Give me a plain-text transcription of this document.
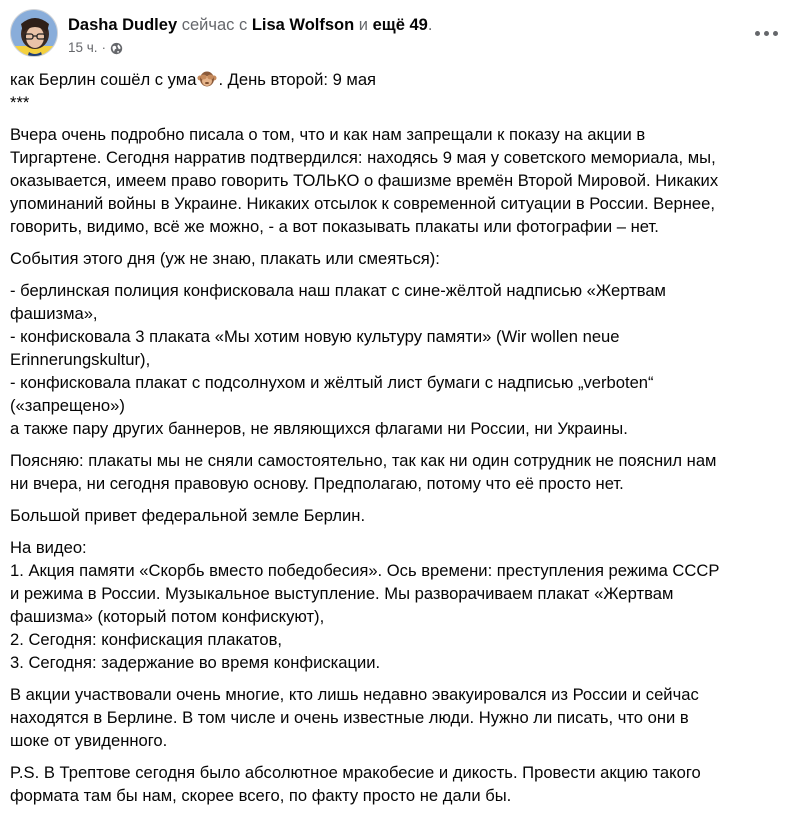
Dasha Dudley сейчас с Lisa Wolfson и ещё 49.
15 ч. ·

как Берлин сошёл с ума . День второй: 9 мая
***

Вчера очень подробно писала о том, что и как нам запрещали к показу на акции в
Тиргартене. Сегодня нарратив подтвердился: находясь 9 мая у советского мемориала, мы,
оказывается, имеем право говорить ТОЛЬКО о фашизме времён Второй Мировой. Никаких
упоминаний войны в Украине. Никаких отсылок к современной ситуации в России. Вернее,
говорить, видимо, всё же можно, - а вот показывать плакаты или фотографии – нет.

События этого дня (уж не знаю, плакать или смеяться):

- берлинская полиция конфисковала наш плакат с сине-жёлтой надписью «Жертвам
фашизма»,
- конфисковала 3 плаката «Мы хотим новую культуру памяти» (Wir wollen neue
Erinnerungskultur),
- конфисковала плакат с подсолнухом и жёлтый лист бумаги с надписью „verboten“
(«запрещено»)
а также пару других баннеров, не являющихся флагами ни России, ни Украины.

Поясняю: плакаты мы не сняли самостоятельно, так как ни один сотрудник не пояснил нам
ни вчера, ни сегодня правовую основу. Предполагаю, потому что её просто нет.

Большой привет федеральной земле Берлин.

На видео:
1. Акция памяти «Скорбь вместо победобесия». Ось времени: преступления режима СССР
и режима в России. Музыкальное выступление. Мы разворачиваем плакат «Жертвам
фашизма» (который потом конфискуют),
2. Сегодня: конфискация плакатов,
3. Сегодня: задержание во время конфискации.

В акции участвовали очень многие, кто лишь недавно эвакуировался из России и сейчас
находятся в Берлине. В том числе и очень известные люди. Нужно ли писать, что они в
шоке от увиденного.

P.S. В Трептове сегодня было абсолютное мракобесие и дикость. Провести акцию такого
формата там бы нам, скорее всего, по факту просто не дали бы.
